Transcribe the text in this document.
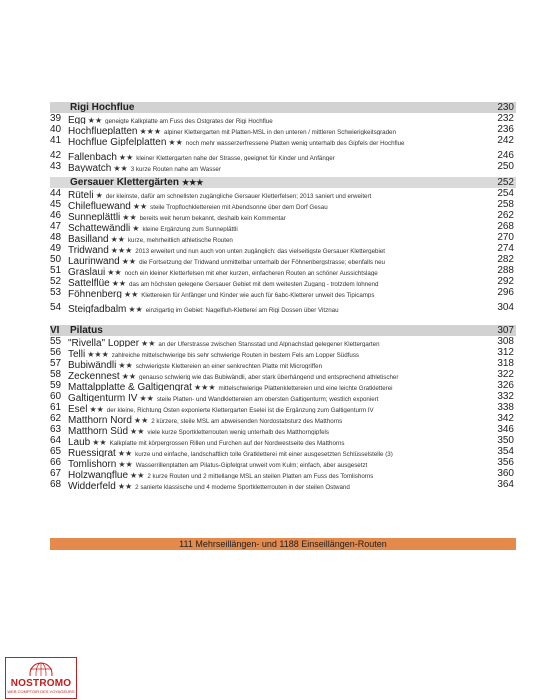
Rigi Hochflue	230
39 Egg ★★ geneigte Kalkplatte am Fuss des Ostgrates der Rigi Hochflue	232
40 Hochflueplatten ★★★ alpiner Klettergarten mit Platten-MSL in den unteren / mittleren Schwierigkeitsgraden	236
41 Hochflue Gipfelplatten ★★ noch mehr wasserzerfressene Platten wenig unterhalb des Gipfels der Hochflue	242
42 Fallenbach ★★ kleiner Klettergarten nahe der Strasse, geeignet für Kinder und Anfänger	246
43 Baywatch ★★ 3 kurze Routen nahe am Wasser	250
Gersauer Klettergärten ★★★	252
44 Rüteli ★ der kleinste, dafür am schnellsten zugängliche Gersauer Kletterfelsen; 2013 saniert und erweitert	254
45 Chilefluewand ★★ steile Tropflochklettereien mit Abendsonne über dem Dorf Gesau	258
46 Sunneplättli ★★ bereits weit herum bekannt, deshalb kein Kommentar	262
47 Schattewändli ★ kleine Ergänzung zum Sunneplättli	268
48 Basilland ★★ kurze, mehrheitlich athletische Routen	270
49 Tridwand ★★★ 2013 erweitert und nun auch von unten zugänglich: das vielseitigste Gersauer Klettergebiet	274
50 Laurinwand ★★ die Fortsetzung der Tridwand unmittelbar unterhalb der Föhnenbergstrasse; ebenfalls neu	282
51 Graslaui ★★ noch ein kleiner Kletterfelsen mit eher kurzen, einfacheren Routen an schöner Aussichtslage	288
52 Sattelflüe ★★ das am höchsten gelegene Gersauer Gebiet mit dem weitesten Zugang - trotzdem lohnend	292
53 Föhnenberg ★★ Klettereien für Anfänger und Kinder wie auch für 6abc-Kletterer unweit des Tipicamps	296
54 Steigfadbalm ★★ einzigartig im Gebiet: Nagelfluh-Klettereí am Rigi Dossen über Vitznau	304
VI Pilatus	307
55 "Rivella" Lopper ★★ an der Uferstrasse zwischen Stansstad und Alpnachstad gelegener Klettergarten	308
56 Telli ★★★ zahlreiche mittelschwierige bis sehr schwierige Routen in bestem Fels am Lopper Südfuss	312
57 Bubiwändli ★★ schwierigste Klettereien an einer senkrechten Platte mit Microgriffen	318
58 Zeckennest ★★ genauso schwierig wie das Bubiwändli, aber stark überhängend und entsprechend athletischer	322
59 Mattalpplatte & Galtigengrat ★★★ mittelschwierige Plattenklettereien und eine leichte Gratkletterei	326
60 Galtigenturm IV ★★ steile Platten- und Wandklettereien am obersten Galtigenturm; westlich exponiert	332
61 Esel ★★ der kleine, Richtung Osten exponierte Klettergarten Eselei ist die Ergänzung zum Galtigenturm IV	338
62 Matthorn Nord ★★ 2 kürzere, steile MSL am abweisenden Nordostabsturz des Matthorns	342
63 Matthorn Süd ★★ viele kurze Sportkletterrouten wenig unterhalb des Matthorngipfels	346
64 Laub ★★ Kalkplatte mit körpergrossen Rillen und Furchen auf der Nordwestseite des Matthorns	350
65 Ruessigrat ★★ kurze und einfache, landschaftlich tolle Gratkletterei mit einer ausgesetzten Schlüsselstelle (3)	354
66 Tomlishorn ★★ Wasserrillenplatten am Pilatus-Gipfelgrat unweit vom Kulm; einfach, aber ausgesetzt	356
67 Holzwangflue ★★ 2 kurze Routen und 2 mittellange MSL an steilen Platten am Fuss des Tomlishorns	360
68 Widderfeld ★★ 2 sanierte klassische und 4 moderne Sportkletterrouten in der steilen Ostwand	364
111 Mehrseillängen- und 1188 Einseillängen-Routen
NOSTROMO
WEB COMPTOIR DES VOYAGEURS
